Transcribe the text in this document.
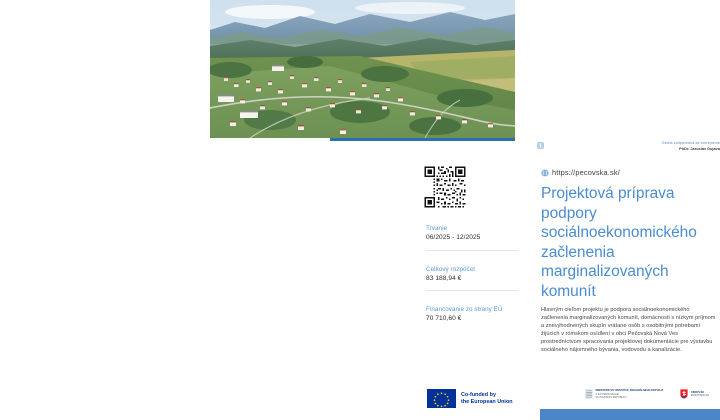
Osoba zodpovedná za zverejnenie
PhDr. Jaroslav Dujava
https://pecovska.sk/
Projektová príprava podpory sociálnoekonomického začlenenia marginalizovaných komunít

Hlavným cieľom projektu je podpora sociálnoekonomického začlenenia marginalizovaných komunít, domácnosti s nízkym príjmom a znevýhodnených skupín vrátane osôb s osobitnými potrebami žijúcich v rómskom osídlení v obci Pečovská Nová Ves prostredníctvom spracovania projektovej dokumentácie pre výstavbu sociálneho nájomného bývania, vodovodu a kanalizácie.

Trvanie
06/2025 - 12/2025
Celkový rozpočet
83 188,94 €
Financovanie zo strany EÚ
70 710,60 €
Co-funded by
the European Union
MINISTERSTVO INVESTÍCIÍ, REGIONÁLNEHO ROZVOJA
A INFORMATIZÁCIE
SLOVENSKEJ REPUBLIKY
OBNOV.SK
EUROPSKE.SK
